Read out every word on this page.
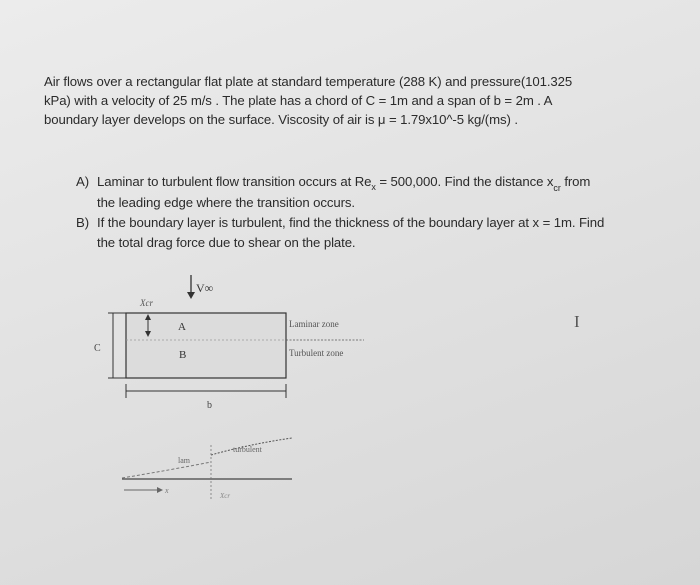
Air flows over a rectangular flat plate at standard temperature (288 K) and pressure(101.325
kPa) with a velocity of 25 m/s . The plate has a chord of C = 1m and a span of b = 2m . A
boundary layer develops on the surface. Viscosity of air is μ = 1.79x10^-5 kg/(ms) .
A) Laminar to turbulent flow transition occurs at $Re_x = 500,000$. Find the distance $x_{cr}$ from
the leading edge where the transition occurs.
B) If the boundary layer is turbulent, find the thickness of the boundary layer at x = 1m. Find
the total drag force due to shear on the plate.
V∞
Xcr
A
B
C
b
Laminar zone
Turbulent zone
lam
turbulent
x
Xcr
I
